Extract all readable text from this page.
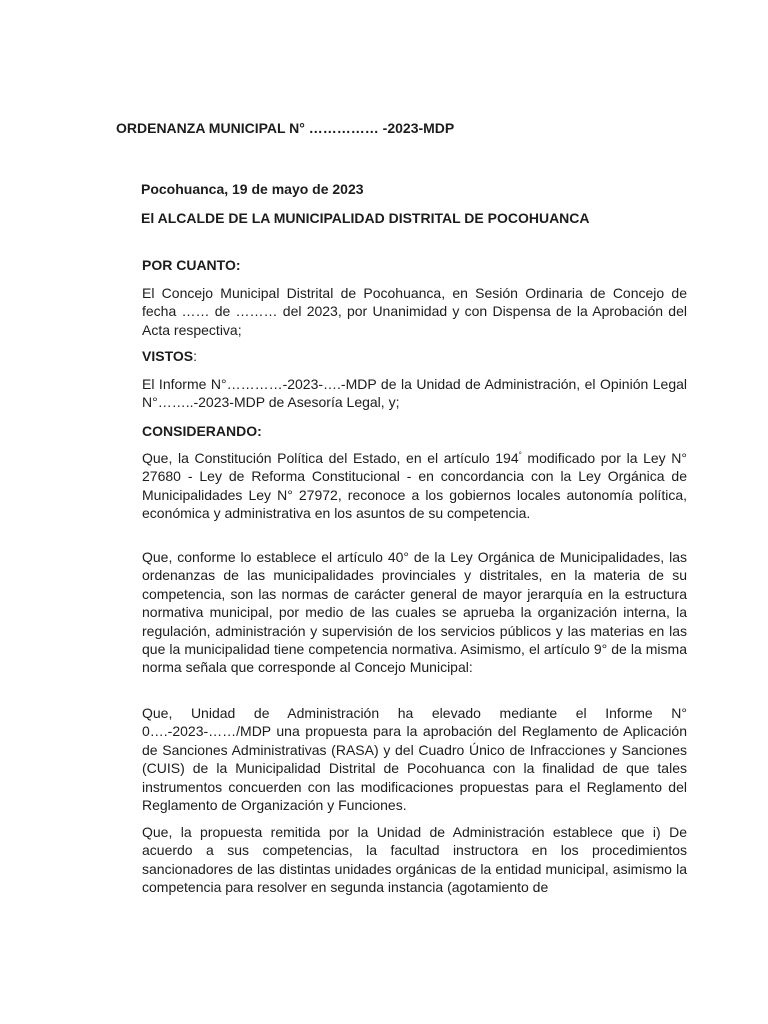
ORDENANZA MUNICIPAL N° …………… -2023-MDP

Pocohuanca, 19 de mayo de 2023

El ALCALDE DE LA MUNICIPALIDAD DISTRITAL DE POCOHUANCA

POR CUANTO:

El Concejo Municipal Distrital de Pocohuanca, en Sesión Ordinaria de Concejo de fecha …… de ……… del 2023, por Unanimidad y con Dispensa de la Aprobación del Acta respectiva;

VISTOS:

El Informe N°…………-2023-….-MDP de la Unidad de Administración, el Opinión Legal N°……..-2023-MDP de Asesoría Legal, y;

CONSIDERANDO:

Que, la Constitución Política del Estado, en el artículo 194° modificado por la Ley N° 27680 - Ley de Reforma Constitucional - en concordancia con la Ley Orgánica de Municipalidades Ley N° 27972, reconoce a los gobiernos locales autonomía política, económica y administrativa en los asuntos de su competencia.

Que, conforme lo establece el artículo 40° de la Ley Orgánica de Municipalidades, las ordenanzas de las municipalidades provinciales y distritales, en la materia de su competencia, son las normas de carácter general de mayor jerarquía en la estructura normativa municipal, por medio de las cuales se aprueba la organización interna, la regulación, administración y supervisión de los servicios públicos y las materias en las que la municipalidad tiene competencia normativa. Asimismo, el artículo 9° de la misma norma señala que corresponde al Concejo Municipal:

Que, Unidad de Administración ha elevado mediante el Informe N° 0….-2023-……/MDP una propuesta para la aprobación del Reglamento de Aplicación de Sanciones Administrativas (RASA) y del Cuadro Único de Infracciones y Sanciones (CUIS) de la Municipalidad Distrital de Pocohuanca con la finalidad de que tales instrumentos concuerden con las modificaciones propuestas para el Reglamento del Reglamento de Organización y Funciones.

Que, la propuesta remitida por la Unidad de Administración establece que i) De acuerdo a sus competencias, la facultad instructora en los procedimientos sancionadores de las distintas unidades orgánicas de la entidad municipal, asimismo la competencia para resolver en segunda instancia (agotamiento de
